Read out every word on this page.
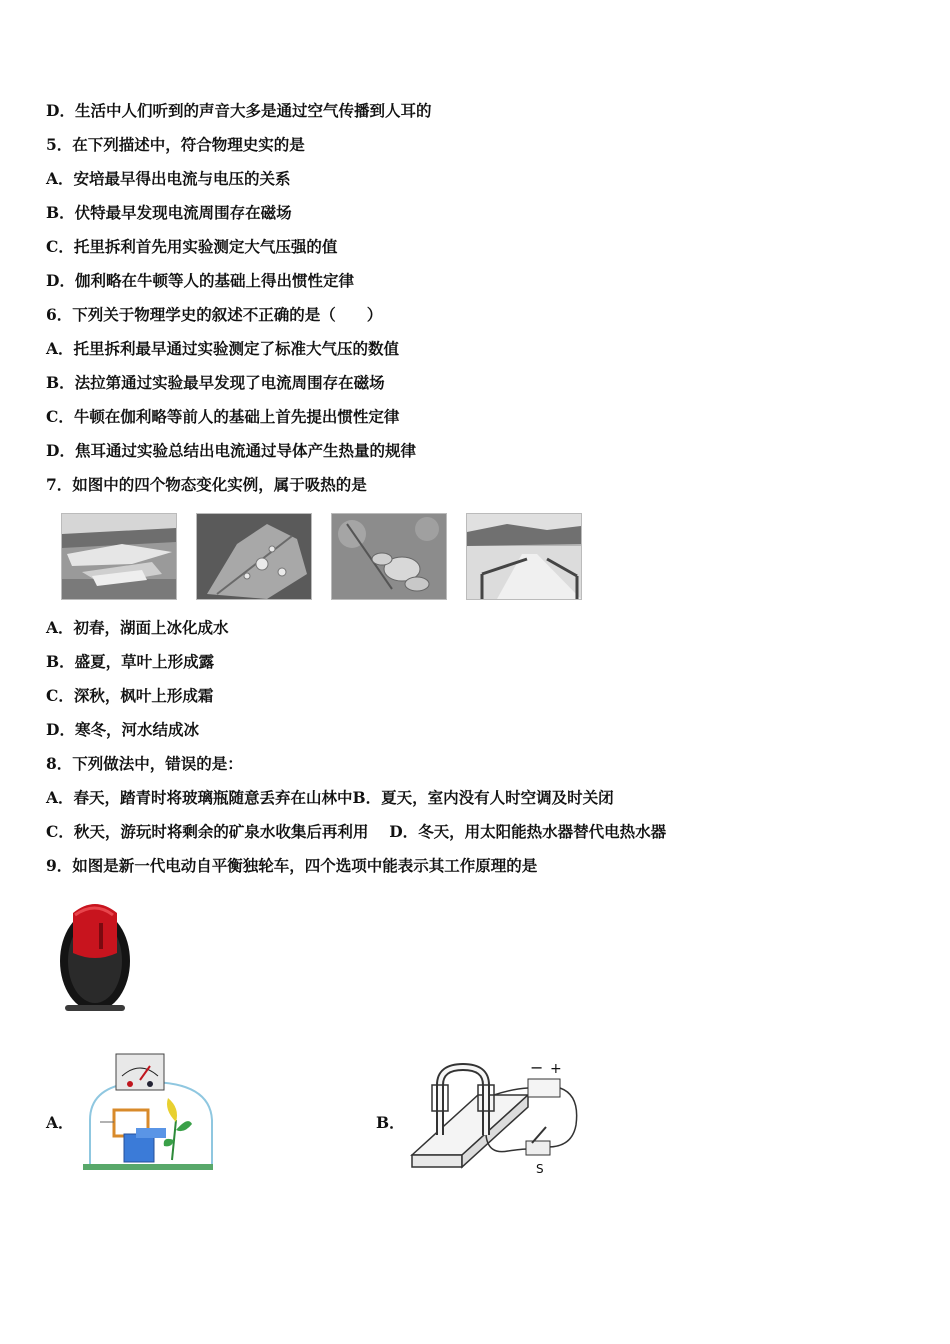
D．生活中人们听到的声音大多是通过空气传播到人耳的
5．在下列描述中，符合物理史实的是
A．安培最早得出电流与电压的关系
B．伏特最早发现电流周围存在磁场
C．托里拆利首先用实验测定大气压强的值
D．伽利略在牛顿等人的基础上得出惯性定律
6．下列关于物理学史的叙述不正确的是（　　）
A．托里拆利最早通过实验测定了标准大气压的数值
B．法拉第通过实验最早发现了电流周围存在磁场
C．牛顿在伽利略等前人的基础上首先提出惯性定律
D．焦耳通过实验总结出电流通过导体产生热量的规律
7．如图中的四个物态变化实例，属于吸热的是
A．初春，湖面上冰化成水
B．盛夏，草叶上形成露
C．深秋，枫叶上形成霜
D．寒冬，河水结成冰
8．下列做法中，错误的是：
A．春天，踏青时将玻璃瓶随意丢弃在山林中B．夏天，室内没有人时空调及时关闭
C．秋天，游玩时将剩余的矿泉水收集后再利用　 D．冬天，用太阳能热水器替代电热水器
9．如图是新一代电动自平衡独轮车，四个选项中能表示其工作原理的是
A．	B．
− +
S
